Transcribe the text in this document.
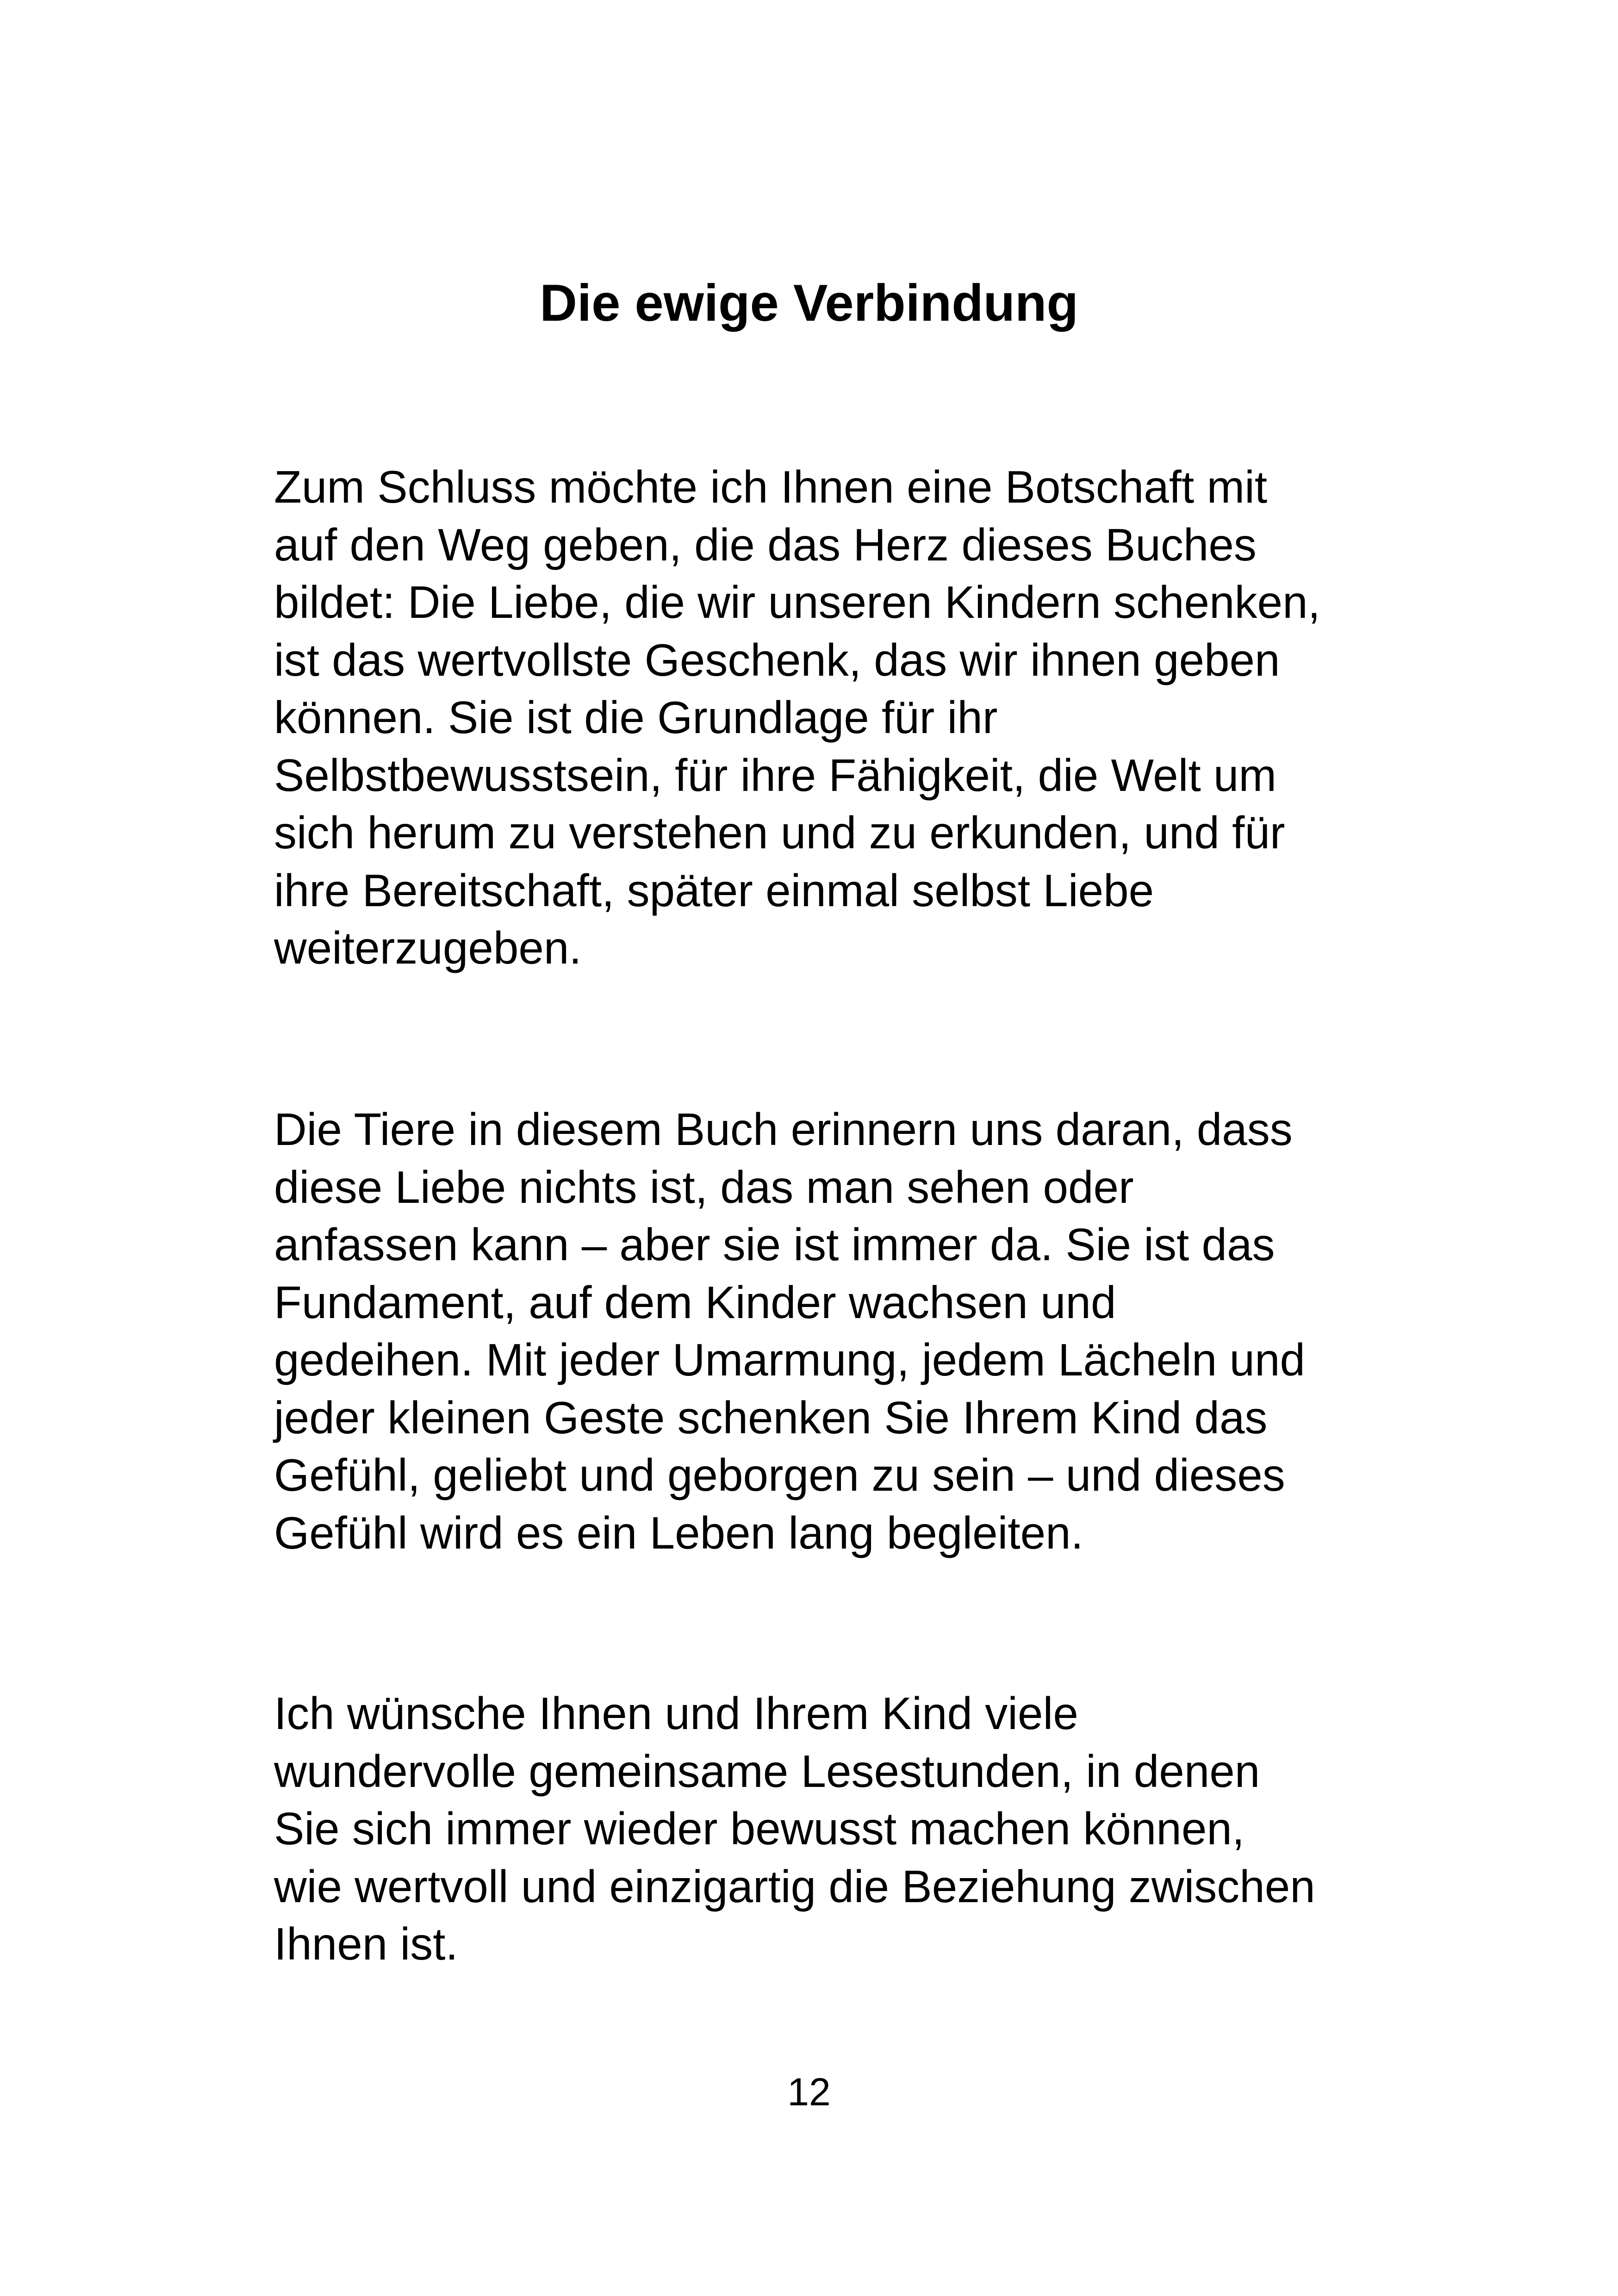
Die ewige Verbindung

Zum Schluss möchte ich Ihnen eine Botschaft mit
auf den Weg geben, die das Herz dieses Buches
bildet: Die Liebe, die wir unseren Kindern schenken,
ist das wertvollste Geschenk, das wir ihnen geben
können. Sie ist die Grundlage für ihr
Selbstbewusstsein, für ihre Fähigkeit, die Welt um
sich herum zu verstehen und zu erkunden, und für
ihre Bereitschaft, später einmal selbst Liebe
weiterzugeben.

Die Tiere in diesem Buch erinnern uns daran, dass
diese Liebe nichts ist, das man sehen oder
anfassen kann – aber sie ist immer da. Sie ist das
Fundament, auf dem Kinder wachsen und
gedeihen. Mit jeder Umarmung, jedem Lächeln und
jeder kleinen Geste schenken Sie Ihrem Kind das
Gefühl, geliebt und geborgen zu sein – und dieses
Gefühl wird es ein Leben lang begleiten.

Ich wünsche Ihnen und Ihrem Kind viele
wundervolle gemeinsame Lesestunden, in denen
Sie sich immer wieder bewusst machen können,
wie wertvoll und einzigartig die Beziehung zwischen
Ihnen ist.

12
